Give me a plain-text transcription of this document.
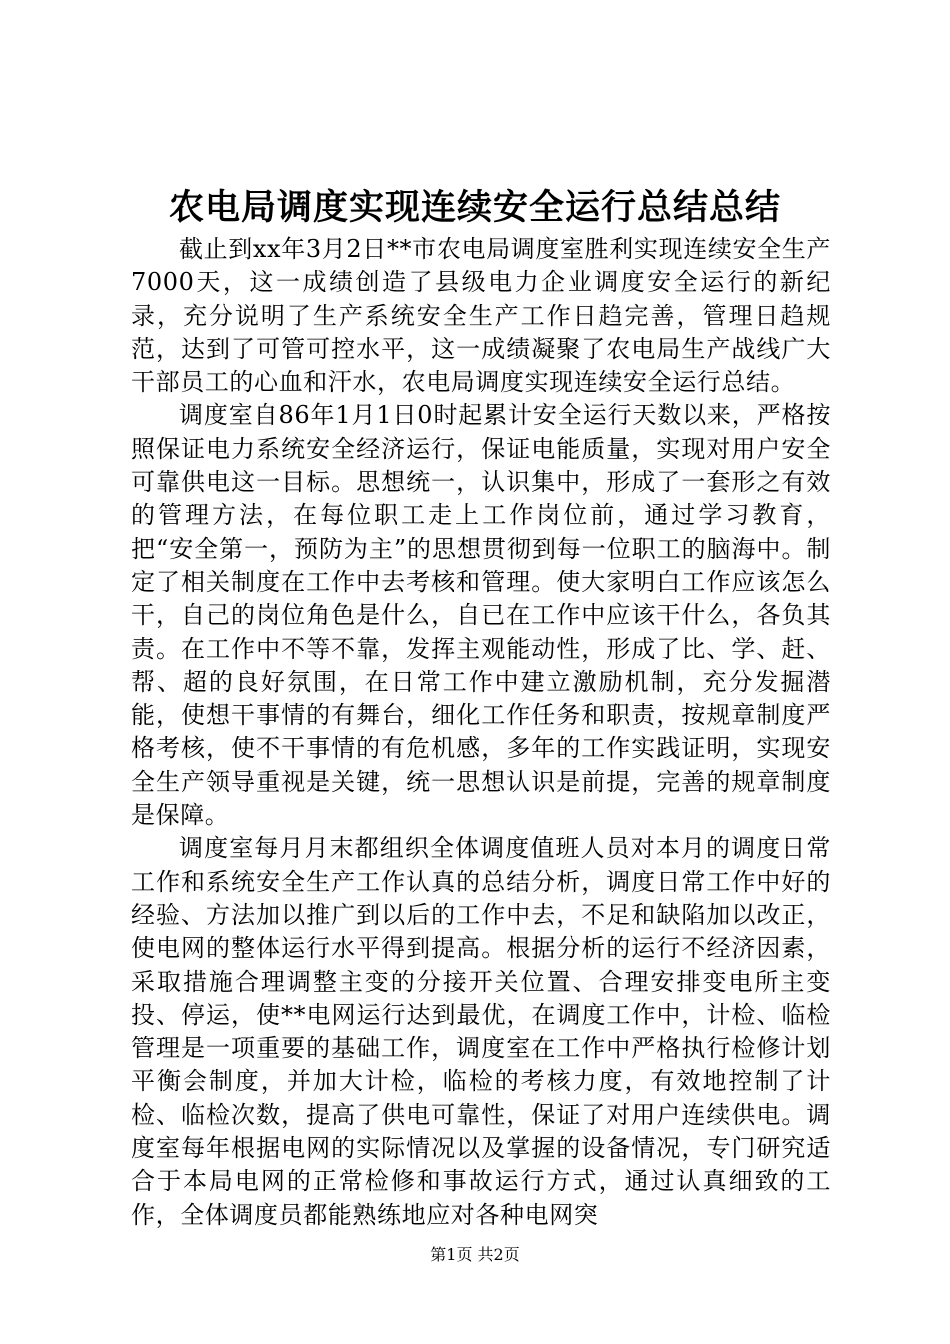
农电局调度实现连续安全运行总结总结

截止到xx年3月2日**市农电局调度室胜利实现连续安全生产7000天，这一成绩创造了县级电力企业调度安全运行的新纪录，充分说明了生产系统安全生产工作日趋完善，管理日趋规范，达到了可管可控水平，这一成绩凝聚了农电局生产战线广大干部员工的心血和汗水，农电局调度实现连续安全运行总结。

调度室自86年1月1日0时起累计安全运行天数以来，严格按照保证电力系统安全经济运行，保证电能质量，实现对用户安全可靠供电这一目标。思想统一，认识集中，形成了一套形之有效的管理方法，在每位职工走上工作岗位前，通过学习教育，把“安全第一，预防为主”的思想贯彻到每一位职工的脑海中。制定了相关制度在工作中去考核和管理。使大家明白工作应该怎么干，自己的岗位角色是什么，自已在工作中应该干什么，各负其责。在工作中不等不靠，发挥主观能动性，形成了比、学、赶、帮、超的良好氛围，在日常工作中建立激励机制，充分发掘潜能，使想干事情的有舞台，细化工作任务和职责，按规章制度严格考核，使不干事情的有危机感，多年的工作实践证明，实现安全生产领导重视是关键，统一思想认识是前提，完善的规章制度是保障。

调度室每月月末都组织全体调度值班人员对本月的调度日常工作和系统安全生产工作认真的总结分析，调度日常工作中好的经验、方法加以推广到以后的工作中去，不足和缺陷加以改正，使电网的整体运行水平得到提高。根据分析的运行不经济因素，采取措施合理调整主变的分接开关位置、合理安排变电所主变投、停运，使**电网运行达到最优，在调度工作中，计检、临检管理是一项重要的基础工作，调度室在工作中严格执行检修计划平衡会制度，并加大计检，临检的考核力度，有效地控制了计检、临检次数，提高了供电可靠性，保证了对用户连续供电。调度室每年根据电网的实际情况以及掌握的设备情况，专门研究适合于本局电网的正常检修和事故运行方式，通过认真细致的工作，全体调度员都能熟练地应对各种电网突

第1页 共2页
